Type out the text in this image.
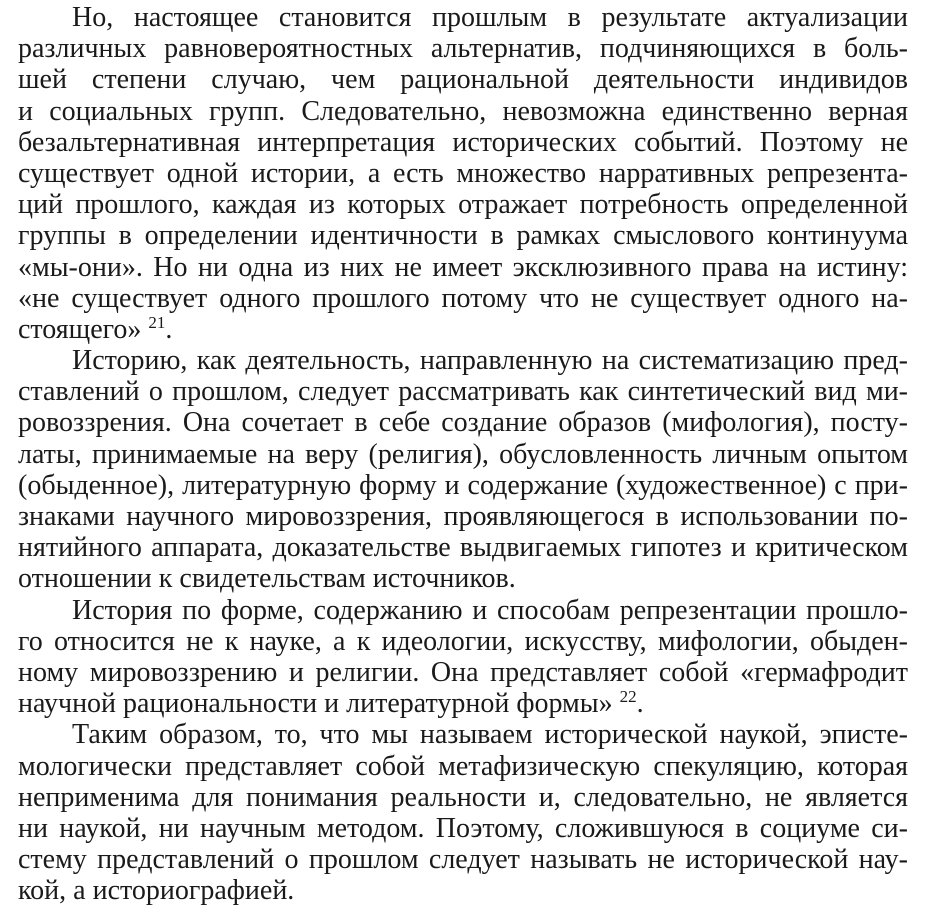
Но, настоящее становится прошлым в результате актуализации
различных равновероятностных альтернатив, подчиняющихся в боль-
шей степени случаю, чем рациональной деятельности индивидов
и социальных групп. Следовательно, невозможна единственно верная
безальтернативная интерпретация исторических событий. Поэтому не
существует одной истории, а есть множество нарративных репрезента-
ций прошлого, каждая из которых отражает потребность определенной
группы в определении идентичности в рамках смыслового континуума
«мы-они». Но ни одна из них не имеет эксклюзивного права на истину:
«не существует одного прошлого потому что не существует одного на-
стоящего» $^{21}$.

Историю, как деятельность, направленную на систематизацию пред-
ставлений о прошлом, следует рассматривать как синтетический вид ми-
ровоззрения. Она сочетает в себе создание образов (мифология), посту-
латы, принимаемые на веру (религия), обусловленность личным опытом
(обыденное), литературную форму и содержание (художественное) с при-
знаками научного мировоззрения, проявляющегося в использовании по-
нятийного аппарата, доказательстве выдвигаемых гипотез и критическом
отношении к свидетельствам источников.

История по форме, содержанию и способам репрезентации прошло-
го относится не к науке, а к идеологии, искусству, мифологии, обыден-
ному мировоззрению и религии. Она представляет собой «гермафродит
научной рациональности и литературной формы» $^{22}$.

Таким образом, то, что мы называем исторической наукой, эписте-
мологически представляет собой метафизическую спекуляцию, которая
неприменима для понимания реальности и, следовательно, не является
ни наукой, ни научным методом. Поэтому, сложившуюся в социуме си-
стему представлений о прошлом следует называть не исторической нау-
кой, а историографией.
